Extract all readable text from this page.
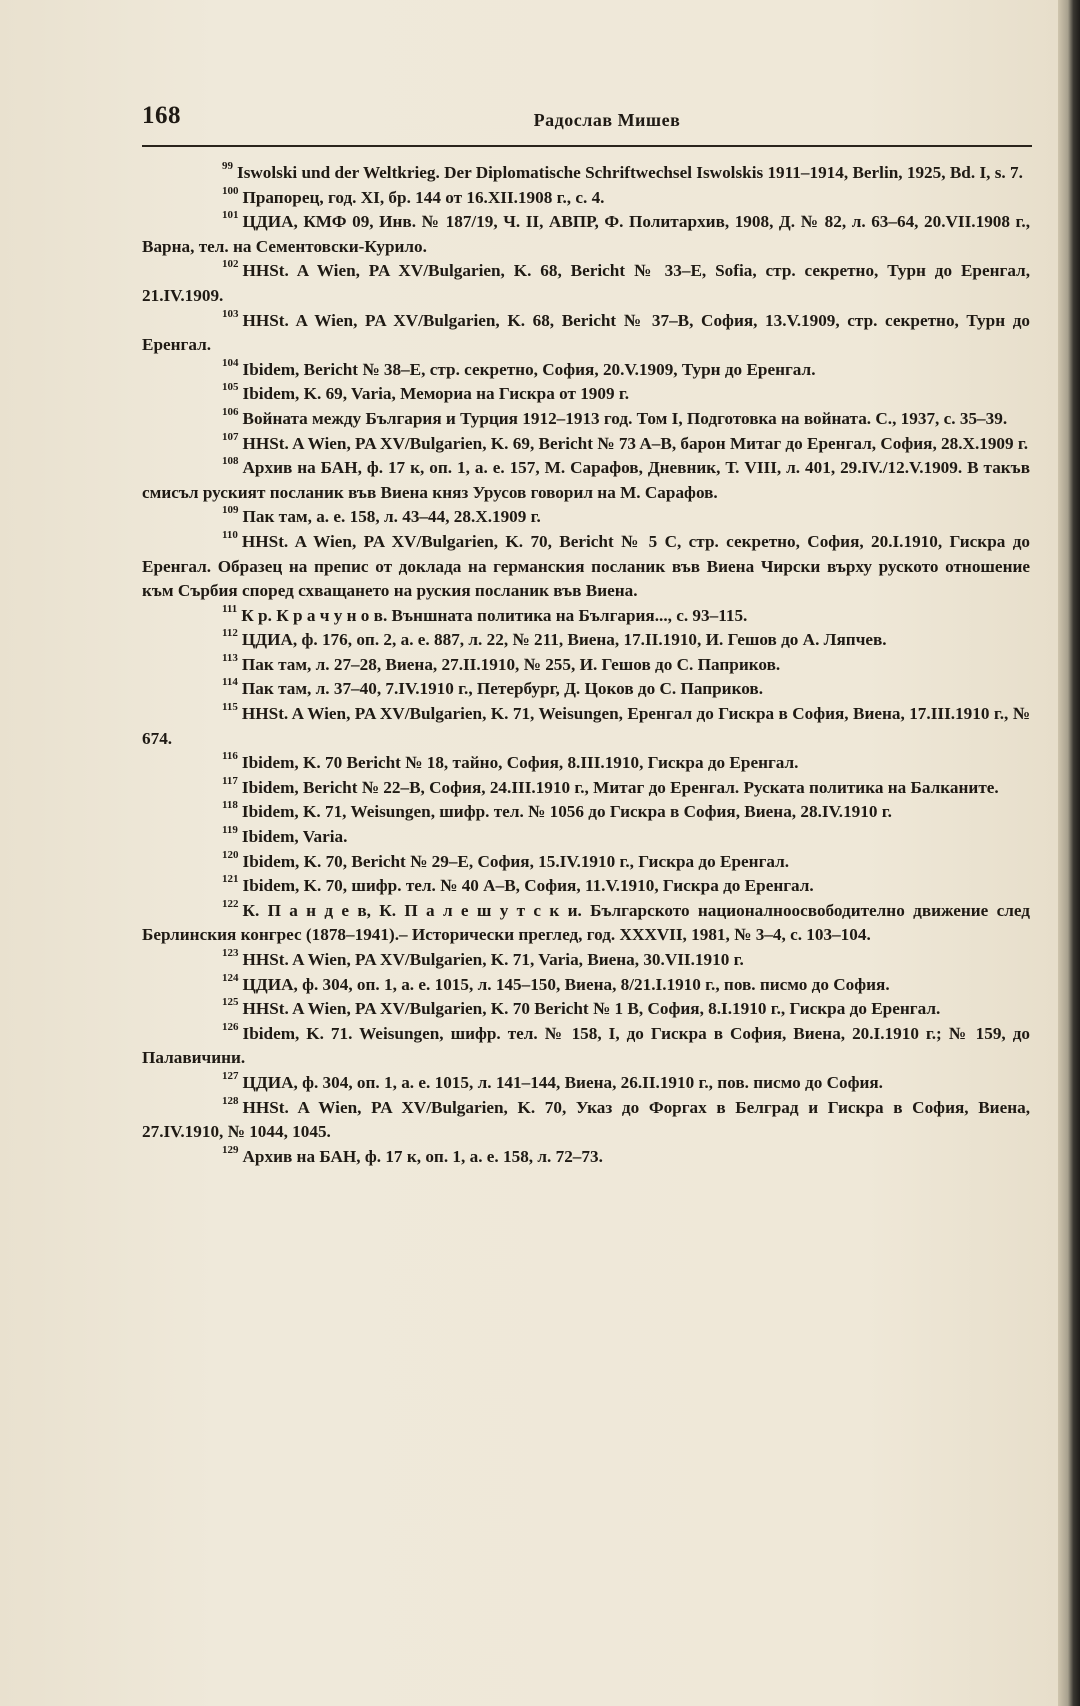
168	Радослав Мишев

$^{99}$ Iswolski und der Weltkrieg. Der Diplomatische Schriftwechsel Iswolskis 1911–1914, Berlin, 1925, Bd. I, s. 7.

$^{100}$ Прапорец, год. XI, бр. 144 от 16.XII.1908 г., с. 4.

$^{101}$ ЦДИА, КМФ 09, Инв. № 187/19, Ч. II, АВПР, Ф. Политархив, 1908, Д. № 82, л. 63–64, 20.VII.1908 г., Варна, тел. на Сементовски-Курило.

$^{102}$ HHSt. A Wien, PA XV/Bulgarien, K. 68, Bericht № 33–E, Sofia, стр. секретно, Турн до Еренгал, 21.IV.1909.

$^{103}$ HHSt. A Wien, PA XV/Bulgarien, K. 68, Bericht № 37–B, София, 13.V.1909, стр. секретно, Турн до Еренгал.

$^{104}$ Ibidem, Bericht № 38–E, стр. секретно, София, 20.V.1909, Турн до Еренгал.

$^{105}$ Ibidem, K. 69, Varia, Мемориа на Гискра от 1909 г.

$^{106}$ Войната между България и Турция 1912–1913 год. Том I, Подготовка на войната. С., 1937, с. 35–39.

$^{107}$ HHSt. A Wien, PA XV/Bulgarien, K. 69, Bericht № 73 A–B, барон Митаг до Еренгал, София, 28.X.1909 г.

$^{108}$ Архив на БАН, ф. 17 к, оп. 1, а. е. 157, М. Сарафов, Дневник, Т. VIII, л. 401, 29.IV./12.V.1909. В такъв смисъл руският посланик във Виена княз Урусов говорил на М. Сарафов.

$^{109}$ Пак там, а. е. 158, л. 43–44, 28.X.1909 г.

$^{110}$ HHSt. A Wien, PA XV/Bulgarien, K. 70, Bericht № 5 C, стр. секретно, София, 20.I.1910, Гискра до Еренгал. Образец на препис от доклада на германския посланик във Виена Чирски върху руското отношение към Сърбия според схващането на руския посланик във Виена.

$^{111}$ К р. К р а ч у н о в. Външната политика на България..., с. 93–115.

$^{112}$ ЦДИА, ф. 176, оп. 2, а. е. 887, л. 22, № 211, Виена, 17.II.1910, И. Гешов до А. Ляпчев.

$^{113}$ Пак там, л. 27–28, Виена, 27.II.1910, № 255, И. Гешов до С. Паприков.

$^{114}$ Пак там, л. 37–40, 7.IV.1910 г., Петербург, Д. Цоков до С. Паприков.

$^{115}$ HHSt. A Wien, PA XV/Bulgarien, K. 71, Weisungen, Еренгал до Гискра в София, Виена, 17.III.1910 г., № 674.

$^{116}$ Ibidem, K. 70 Bericht № 18, тайно, София, 8.III.1910, Гискра до Еренгал.

$^{117}$ Ibidem, Bericht № 22–B, София, 24.III.1910 г., Митаг до Еренгал. Руската политика на Балканите.

$^{118}$ Ibidem, K. 71, Weisungen, шифр. тел. № 1056 до Гискра в София, Виена, 28.IV.1910 г.

$^{119}$ Ibidem, Varia.

$^{120}$ Ibidem, K. 70, Bericht № 29–E, София, 15.IV.1910 г., Гискра до Еренгал.

$^{121}$ Ibidem, K. 70, шифр. тел. № 40 A–B, София, 11.V.1910, Гискра до Еренгал.

$^{122}$ К. П а н д е в, К. П а л е ш у т с к и. Българското националноосвободително движение след Берлинския конгрес (1878–1941).– Исторически преглед, год. XXXVII, 1981, № 3–4, с. 103–104.

$^{123}$ HHSt. A Wien, PA XV/Bulgarien, K. 71, Varia, Виена, 30.VII.1910 г.

$^{124}$ ЦДИА, ф. 304, оп. 1, а. е. 1015, л. 145–150, Виена, 8/21.I.1910 г., пов. писмо до София.

$^{125}$ HHSt. A Wien, PA XV/Bulgarien, K. 70 Bericht № 1 B, София, 8.I.1910 г., Гискра до Еренгал.

$^{126}$ Ibidem, K. 71. Weisungen, шифр. тел. № 158, I, до Гискра в София, Виена, 20.I.1910 г.; № 159, до Палавичини.

$^{127}$ ЦДИА, ф. 304, оп. 1, а. е. 1015, л. 141–144, Виена, 26.II.1910 г., пов. писмо до София.

$^{128}$ HHSt. A Wien, PA XV/Bulgarien, K. 70, Указ до Форгах в Белград и Гискра в София, Виена, 27.IV.1910, № 1044, 1045.

$^{129}$ Архив на БАН, ф. 17 к, оп. 1, а. е. 158, л. 72–73.
